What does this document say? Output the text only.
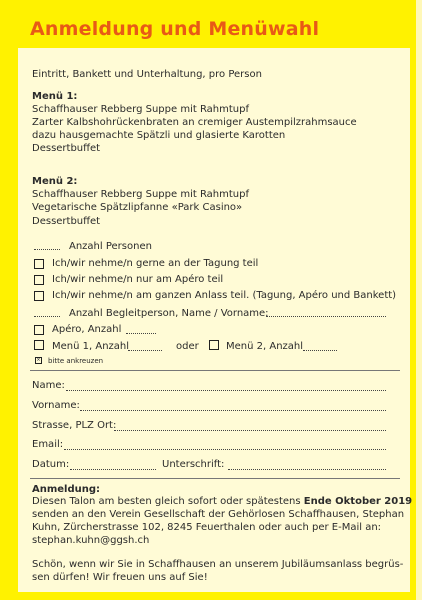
Anmeldung und Menüwahl
Eintritt, Bankett und Unterhaltung, pro Person
Menü 1:
Schaffhauser Rebberg Suppe mit Rahmtupf
Zarter Kalbshohrückenbraten an cremiger Austempilzrahmsauce
dazu hausgemachte Spätzli und glasierte Karotten
Dessertbuffet
Menü 2:
Schaffhauser Rebberg Suppe mit Rahmtupf
Vegetarische Spätzlipfanne «Park Casino»
Dessertbuffet
Anzahl Personen
Ich/wir nehme/n gerne an der Tagung teil
Ich/wir nehme/n nur am Apéro teil
Ich/wir nehme/n am ganzen Anlass teil. (Tagung, Apéro und Bankett)
Anzahl Begleitperson, Name / Vorname:
Apéro, Anzahl
Menü 1, Anzahl	oder	Menü 2, Anzahl
× bitte ankreuzen
Name:
Vorname:
Strasse, PLZ Ort:
Email:
Datum:	Unterschrift:
Anmeldung:
Diesen Talon am besten gleich sofort oder spätestens Ende Oktober 2019
senden an den Verein Gesellschaft der Gehörlosen Schaffhausen, Stephan
Kuhn, Zürcherstrasse 102, 8245 Feuerthalen oder auch per E-Mail an:
stephan.kuhn@ggsh.ch
Schön, wenn wir Sie in Schaffhausen an unserem Jubiläumsanlass begrüs-
sen dürfen! Wir freuen uns auf Sie!
